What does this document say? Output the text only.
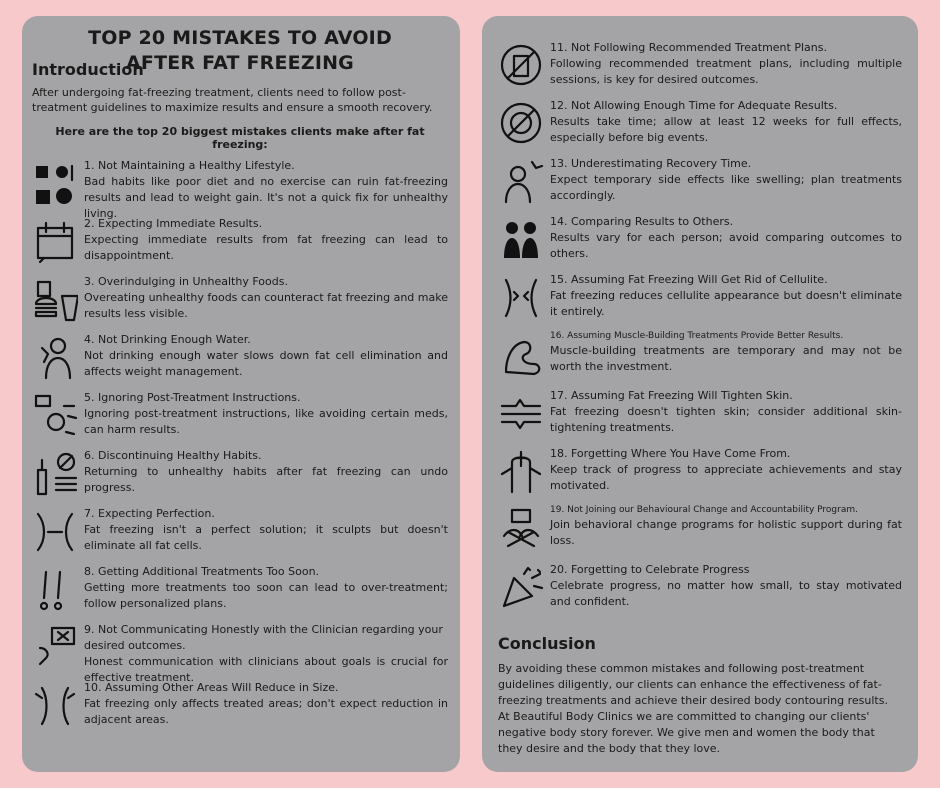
TOP 20 MISTAKES TO AVOID AFTER FAT FREEZING
Introduction
After undergoing fat-freezing treatment, clients need to follow post-treatment guidelines to maximize results and ensure a smooth recovery.
Here are the top 20 biggest mistakes clients make after fat freezing:
1. Not Maintaining a Healthy Lifestyle.
Bad habits like poor diet and no exercise can ruin fat-freezing results and lead to weight gain. It's not a quick fix for unhealthy living.
2. Expecting Immediate Results.
Expecting immediate results from fat freezing can lead to disappointment.
3. Overindulging in Unhealthy Foods.
Overeating unhealthy foods can counteract fat freezing and make results less visible.
4. Not Drinking Enough Water.
Not drinking enough water slows down fat cell elimination and affects weight management.
5. Ignoring Post-Treatment Instructions.
Ignoring post-treatment instructions, like avoiding certain meds, can harm results.
6. Discontinuing Healthy Habits.
Returning to unhealthy habits after fat freezing can undo progress.
7. Expecting Perfection.
Fat freezing isn't a perfect solution; it sculpts but doesn't eliminate all fat cells.
8. Getting Additional Treatments Too Soon.
Getting more treatments too soon can lead to over-treatment; follow personalized plans.
9. Not Communicating Honestly with the Clinician regarding your desired outcomes.
Honest communication with clinicians about goals is crucial for effective treatment.
10. Assuming Other Areas Will Reduce in Size.
Fat freezing only affects treated areas; don't expect reduction in adjacent areas.
11. Not Following Recommended Treatment Plans.
Following recommended treatment plans, including multiple sessions, is key for desired outcomes.
12. Not Allowing Enough Time for Adequate Results.
Results take time; allow at least 12 weeks for full effects, especially before big events.
13. Underestimating Recovery Time.
Expect temporary side effects like swelling; plan treatments accordingly.
14. Comparing Results to Others.
Results vary for each person; avoid comparing outcomes to others.
15. Assuming Fat Freezing Will Get Rid of Cellulite.
Fat freezing reduces cellulite appearance but doesn't eliminate it entirely.
16. Assuming Muscle-Building Treatments Provide Better Results.
Muscle-building treatments are temporary and may not be worth the investment.
17. Assuming Fat Freezing Will Tighten Skin.
Fat freezing doesn't tighten skin; consider additional skin-tightening treatments.
18. Forgetting Where You Have Come From.
Keep track of progress to appreciate achievements and stay motivated.
19. Not Joining our Behavioural Change and Accountability Program.
Join behavioral change programs for holistic support during fat loss.
20. Forgetting to Celebrate Progress
Celebrate progress, no matter how small, to stay motivated and confident.
Conclusion
By avoiding these common mistakes and following post-treatment guidelines diligently, our clients can enhance the effectiveness of fat-freezing treatments and achieve their desired body contouring results. At Beautiful Body Clinics we are committed to changing our clients' negative body story forever. We give men and women the body that they desire and the body that they love.
